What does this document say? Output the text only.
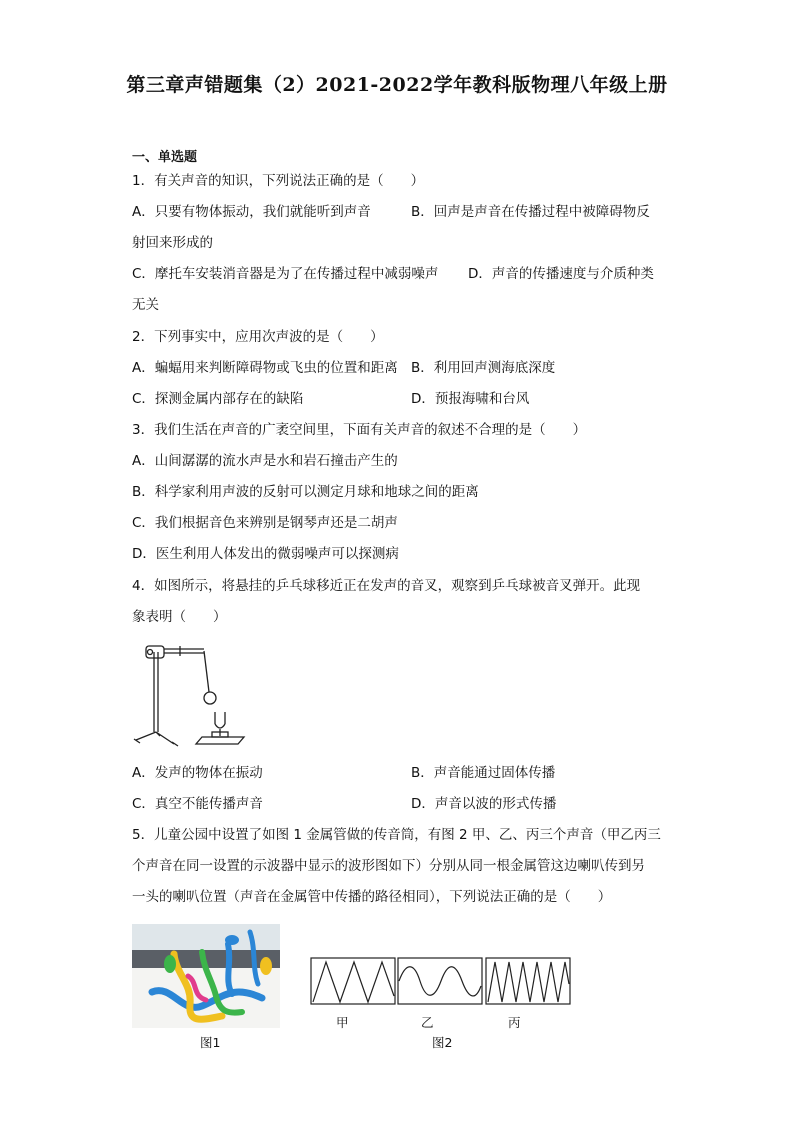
第三章声错题集（2）2021-2022学年教科版物理八年级上册
一、单选题
1．有关声音的知识，下列说法正确的是（　　）
A．只要有物体振动，我们就能听到声音	B．回声是声音在传播过程中被障碍物反
射回来形成的
C．摩托车安装消音器是为了在传播过程中减弱噪声 D．声音的传播速度与介质种类
无关
2．下列事实中，应用次声波的是（　　）
A．蝙蝠用来判断障碍物或飞虫的位置和距离 B．利用回声测海底深度
C．探测金属内部存在的缺陷	D．预报海啸和台风
3．我们生活在声音的广袤空间里，下面有关声音的叙述不合理的是（　　）
A．山间潺潺的流水声是水和岩石撞击产生的
B．科学家利用声波的反射可以测定月球和地球之间的距离
C．我们根据音色来辨别是钢琴声还是二胡声
D．医生利用人体发出的微弱噪声可以探测病
4．如图所示，将悬挂的乒乓球移近正在发声的音叉，观察到乒乓球被音叉弹开。此现
象表明（　　）
A．发声的物体在振动	B．声音能通过固体传播
C．真空不能传播声音	D．声音以波的形式传播
5．儿童公园中设置了如图 1 金属管做的传音筒，有图 2 甲、乙、丙三个声音（甲乙丙三
个声音在同一设置的示波器中显示的波形图如下）分别从同一根金属管这边喇叭传到另
一头的喇叭位置（声音在金属管中传播的路径相同），下列说法正确的是（　　）
甲	乙	丙
图1	图2
